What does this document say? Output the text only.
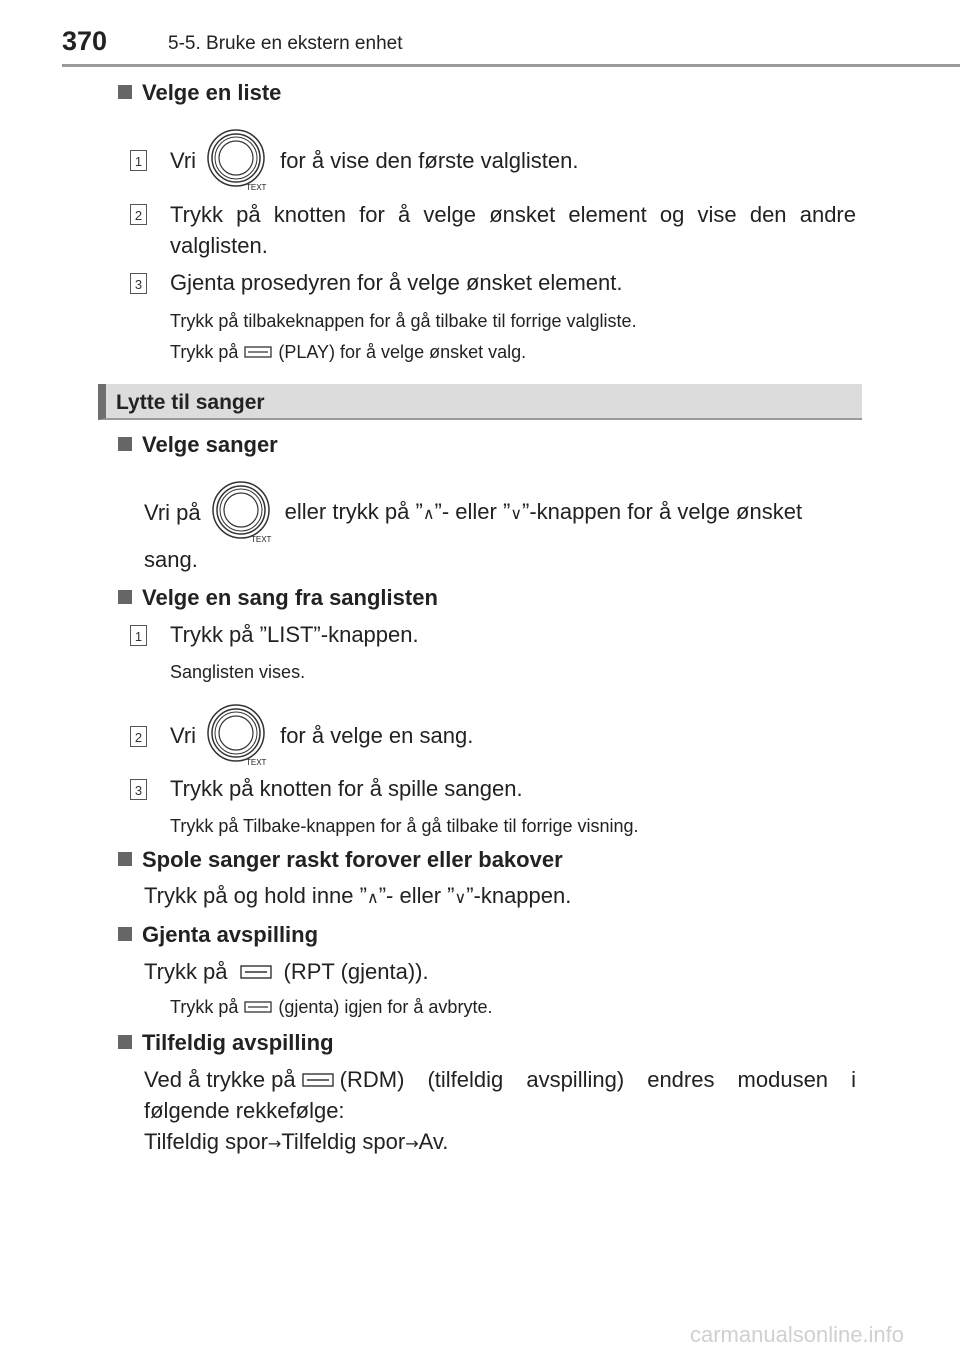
370	5-5. Bruke en ekstern enhet
Velge en liste
1 Vri
TEXT
for å vise den første valglisten.
2 Trykk på knotten for å velge ønsket element og vise den andre
valglisten.
3 Gjenta prosedyren for å velge ønsket element.
Trykk på tilbakeknappen for å gå tilbake til forrige valgliste.
Trykk på (PLAY) for å velge ønsket valg.
Lytte til sanger
Velge sanger
Vri på
TEXT
eller trykk på ”∧”- eller ”∨”-knappen for å velge ønsket
sang.
Velge en sang fra sanglisten
1 Trykk på ”LIST”-knappen.
Sanglisten vises.
2 Vri
TEXT
for å velge en sang.
3 Trykk på knotten for å spille sangen.
Trykk på Tilbake-knappen for å gå tilbake til forrige visning.
Spole sanger raskt forover eller bakover
Trykk på og hold inne ”∧”- eller ”∨”-knappen.
Gjenta avspilling
Trykk på	(RPT (gjenta)).
Trykk på (gjenta) igjen for å avbryte.
Tilfeldig avspilling
Ved å trykke på (RDM) (tilfeldig avspilling) endres modusen i
følgende rekkefølge:
Tilfeldig spor→Tilfeldig spor→Av.
carmanualsonline.info
